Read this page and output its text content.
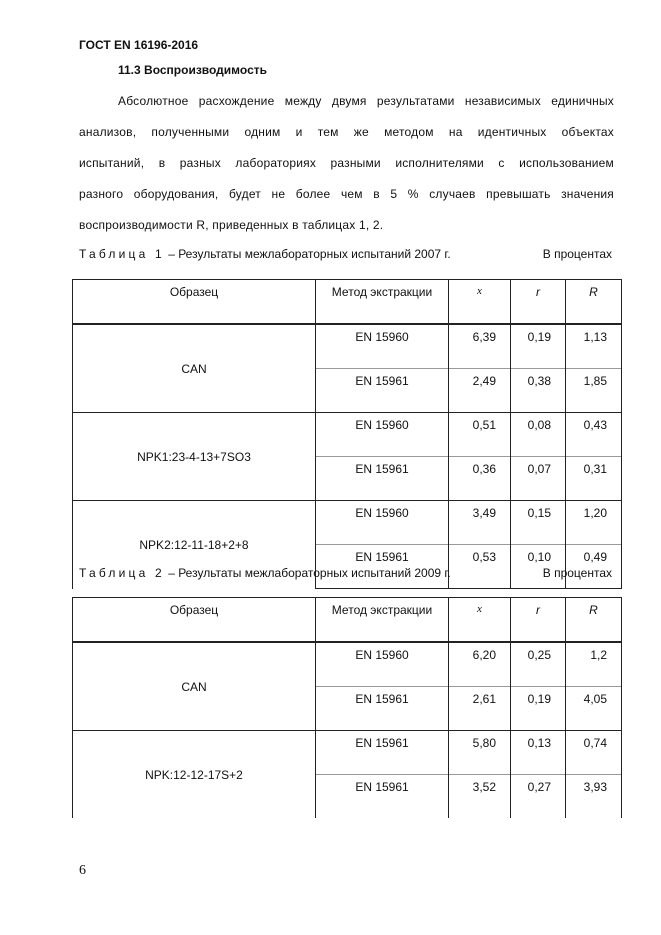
ГОСТ EN 16196-2016
11.3 Воспроизводимость
Абсолютное расхождение между двумя результатами независимых единичных
анализов, полученными одним и тем же методом на идентичных объектах
испытаний, в разных лабораториях разными исполнителями с использованием
разного оборудования, будет не более чем в 5 % случаев превышать значения
воспроизводимости R, приведенных в таблицах 1, 2.
Таблица 1 – Результаты межлабораторных испытаний 2007 г.	В процентах
Образец	Метод экстракции	x	r	R
CAN	EN 15960	6,39	0,19	1,13
	EN 15961	2,49	0,38	1,85
NPK1:23-4-13+7SO3	EN 15960	0,51	0,08	0,43
	EN 15961	0,36	0,07	0,31
NPK2:12-11-18+2+8	EN 15960	3,49	0,15	1,20
	EN 15961	0,53	0,10	0,49
Таблица 2 – Результаты межлабораторных испытаний 2009 г.	В процентах
Образец	Метод экстракции	x	r	R
CAN	EN 15960	6,20	0,25	1,2
	EN 15961	2,61	0,19	4,05
NPK:12-12-17S+2	EN 15961	5,80	0,13	0,74
	EN 15961	3,52	0,27	3,93
6
